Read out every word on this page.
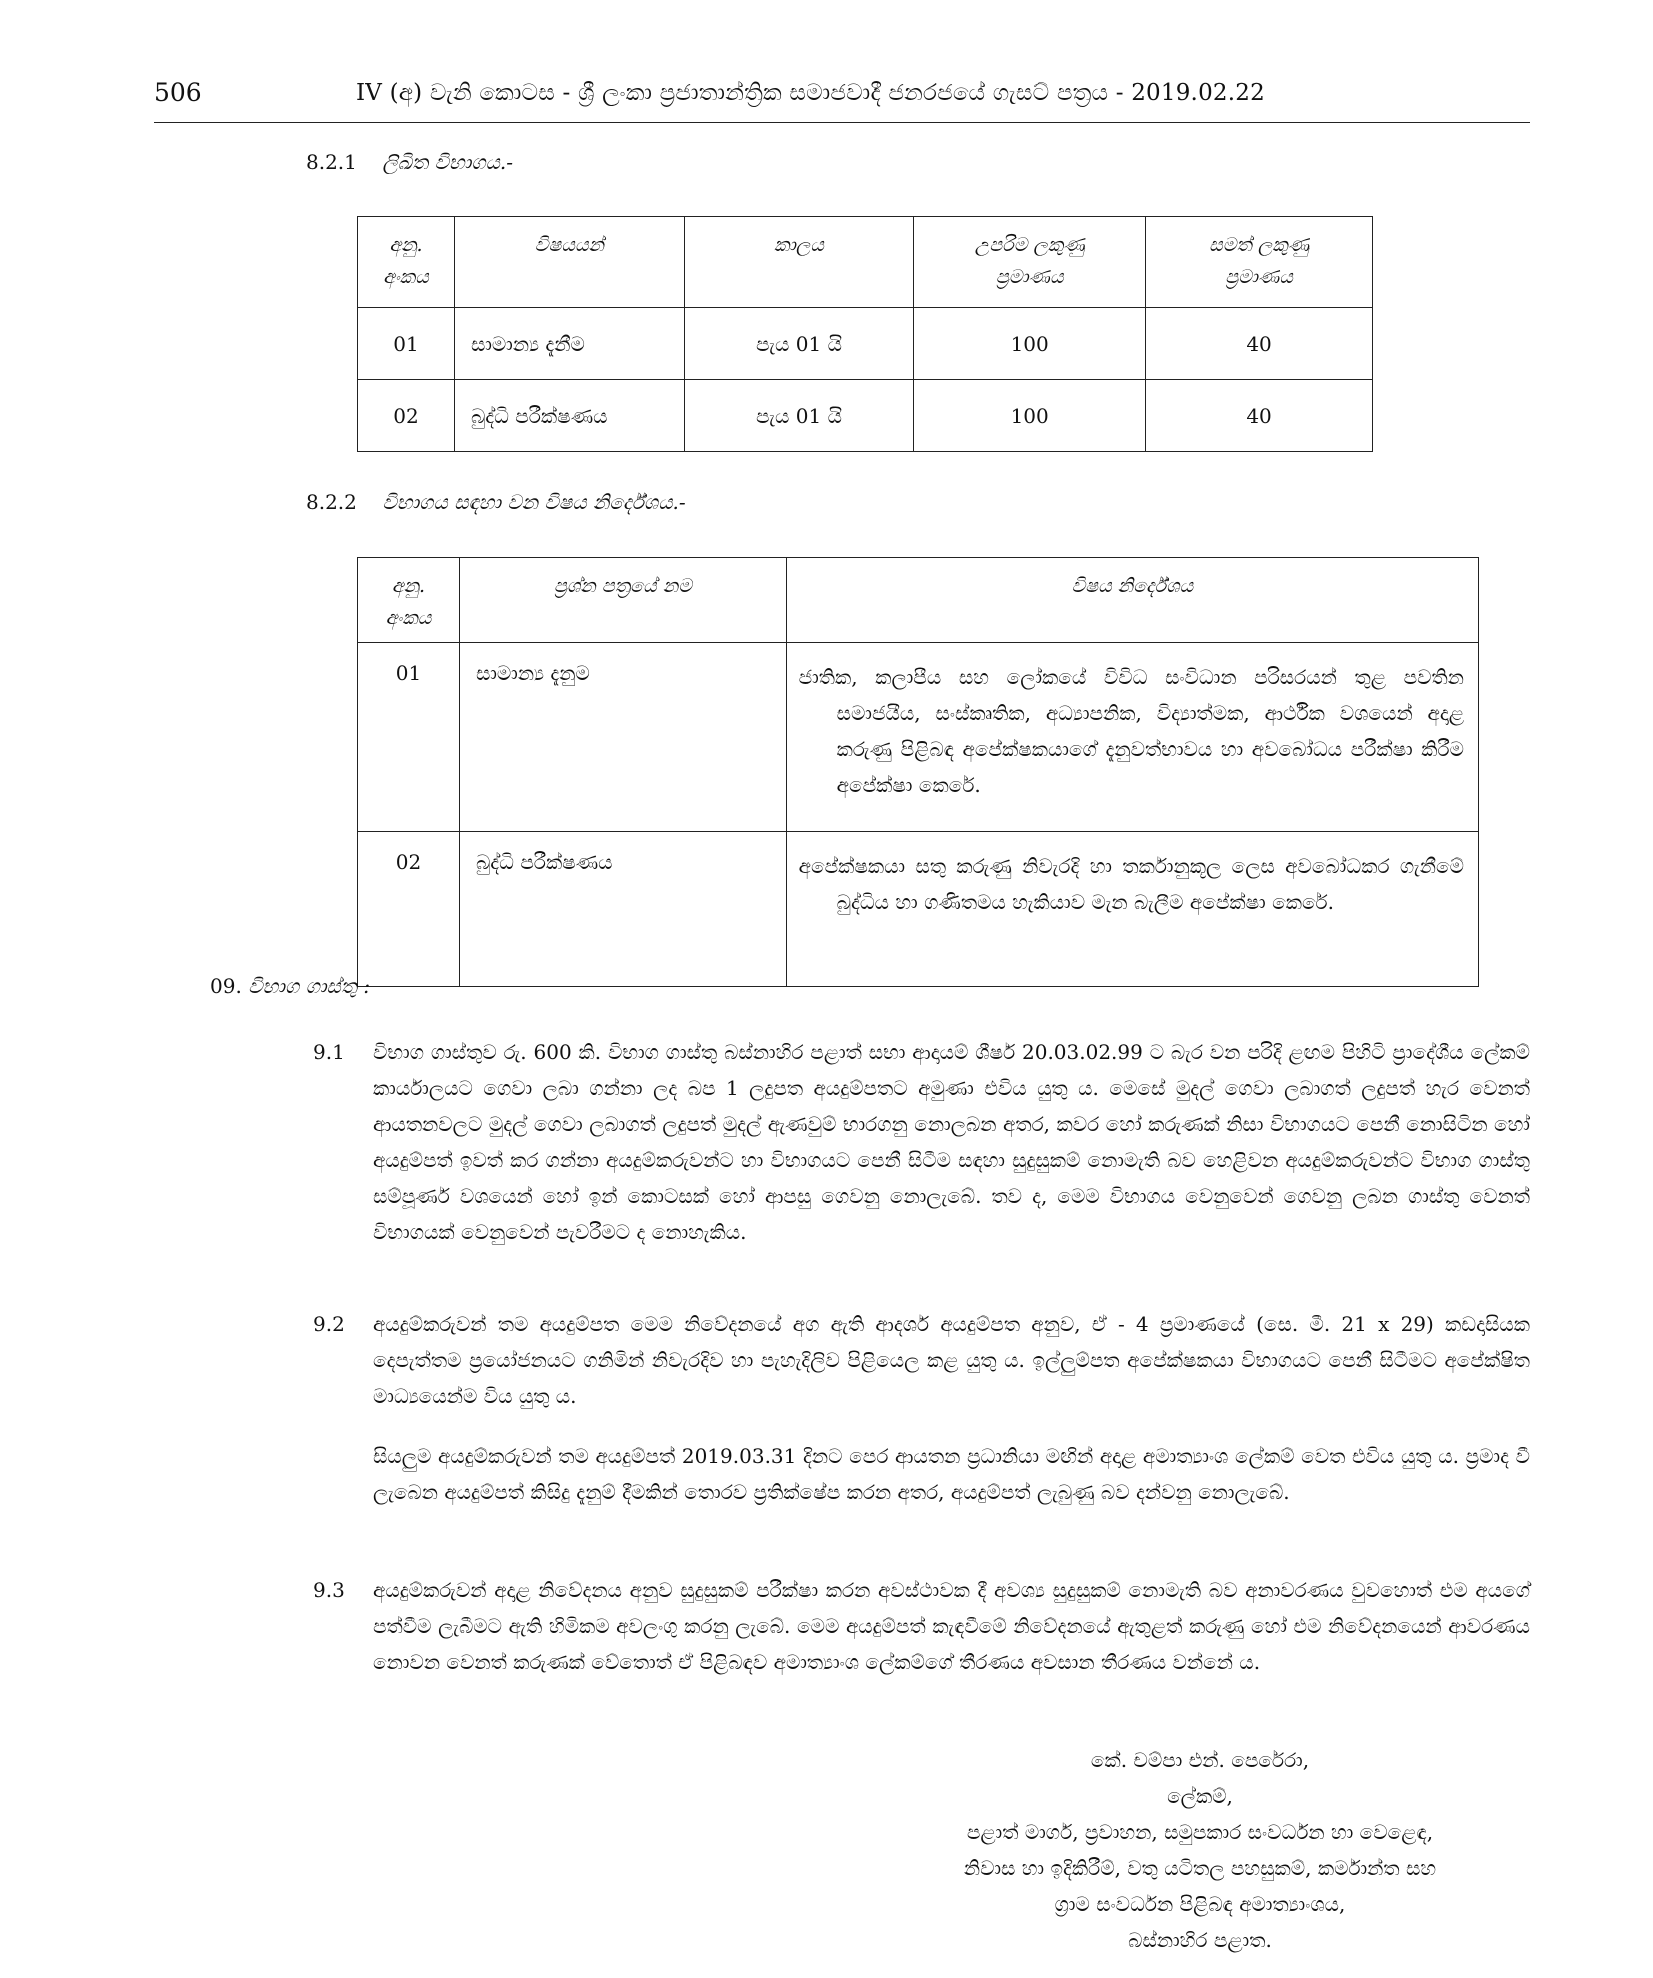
506	IV (අ) වැනි කොටස - ශ්‍රී ලංකා ප්‍රජාතාන්ත්‍රික සමාජවාදී ජනරජයේ ගැසට් පත්‍රය - 2019.02.22
8.2.1 ලිඛිත විභාගය.-
අනු. අංකය	විෂයයන්	කාලය	උපරිම ලකුණු ප්‍රමාණය	සමත් ලකුණු ප්‍රමාණය
01	සාමාන්‍ය දැනීම	පැය 01 යි	100	40
02	බුද්ධි පරීක්ෂණය	පැය 01 යි	100	40
8.2.2 විභාගය සඳහා වන විෂය නිර්දේශය.-
අනු. අංකය	ප්‍රශ්න පත්‍රයේ නම	විෂය නිර්දේශය
01	සාමාන්‍ය දැනුම	ජාතික, කලාපීය සහ ලෝකයේ විවිධ සංවිධාන පරිසරයන් තුළ පවතින සමාජයීය, සංස්කෘතික, අධ්‍යාපනික, විද්‍යාත්මක, ආර්ථික වශයෙන් අදාළ කරුණු පිළිබඳ අපේක්ෂකයාගේ දැනුවත්භාවය හා අවබෝධය පරීක්ෂා කිරීම අපේක්ෂා කෙරේ.

02	බුද්ධි පරීක්ෂණය	අපේක්ෂකයා සතු කරුණු නිවැරදි හා තර්කානුකූල ලෙස අවබෝධකර ගැනීමේ බුද්ධිය හා ගණිතමය හැකියාව මැන බැලීම අපේක්ෂා කෙරේ.
09. විභාග ගාස්තු :
9.1 විභාග ගාස්තුව රු. 600 කි. විභාග ගාස්තු බස්නාහිර පළාත් සභා ආදායම් ශීර්ෂ 20.03.02.99 ට බැර වන පරිදි ළඟම පිහිටි ප්‍රාදේශීය ලේකම් කාර්යාලයට ගෙවා ලබා ගන්නා ලද බප 1 ලදුපත අයදුම්පතට අමුණා එවිය යුතු ය. මෙසේ මුදල් ගෙවා ලබාගත් ලදුපත් හැර වෙනත් ආයතනවලට මුදල් ගෙවා ලබාගත් ලදුපත් මුදල් ඇණවුම් භාරගනු නොලබන අතර, කවර හෝ කරුණක් නිසා විභාගයට පෙනී නොසිටින හෝ අයදුම්පත් ඉවත් කර ගන්නා අයදුම්කරුවන්ට හා විභාගයට පෙනී සිටීම සඳහා සුදුසුකම් නොමැති බව හෙළිවන අයදුම්කරුවන්ට විභාග ගාස්තු සම්පූර්ණ වශයෙන් හෝ ඉන් කොටසක් හෝ ආපසු ගෙවනු නොලැබේ. තව ද, මෙම විභාගය වෙනුවෙන් ගෙවනු ලබන ගාස්තු වෙනත් විභාගයක් වෙනුවෙන් පැවරීමට ද නොහැකිය.
9.2 අයදුම්කරුවන් තම අයදුම්පත මෙම නිවේදනයේ අග ඇති ආදර්ශ අයදුම්පත අනුව, ඒ - 4 ප්‍රමාණයේ (සෙ. මී. 21 x 29) කඩදාසියක දෙපැත්තම ප්‍රයෝජනයට ගනිමින් නිවැරදිව හා පැහැදිලිව පිළියෙල කළ යුතු ය. ඉල්ලුම්පත අපේක්ෂකයා විභාගයට පෙනී සිටීමට අපේක්ෂිත මාධ්‍යයෙන්ම විය යුතු ය.
සියලුම අයදුම්කරුවන් තම අයදුම්පත් 2019.03.31 දිනට පෙර ආයතන ප්‍රධානියා මඟින් අදාළ අමාත්‍යාංශ ලේකම් වෙත එවිය යුතු ය. ප්‍රමාද වී ලැබෙන අයදුම්පත් කිසිදු දැනුම් දීමකින් තොරව ප්‍රතික්ෂේප කරන අතර, අයදුම්පත් ලැබුණු බව දන්වනු නොලැබේ.
9.3 අයදුම්කරුවන් අදාළ නිවේදනය අනුව සුදුසුකම් පරීක්ෂා කරන අවස්ථාවක දී අවශ්‍ය සුදුසුකම් නොමැති බව අනාවරණය වුවහොත් එම අයගේ පත්වීම ලැබීමට ඇති හිමිකම අවලංගු කරනු ලැබේ. මෙම අයදුම්පත් කැඳවීමේ නිවේදනයේ ඇතුළත් කරුණු හෝ එම නිවේදනයෙන් ආවරණය නොවන වෙනත් කරුණක් වේතොත් ඒ පිළිබඳව අමාත්‍යාංශ ලේකම්ගේ තීරණය අවසාන තීරණය වන්නේ ය.
කේ. චම්පා එන්. පෙරේරා,
ලේකම්,
පළාත් මාර්ග, ප්‍රවාහන, සමුපකාර සංවර්ධන හා වෙළෙඳ,
නිවාස හා ඉදිකිරීම්, වතු යටිතල පහසුකම්, කර්මාන්ත සහ
ග්‍රාම සංවර්ධන පිළිබඳ අමාත්‍යාංශය,
බස්නාහිර පළාත.
